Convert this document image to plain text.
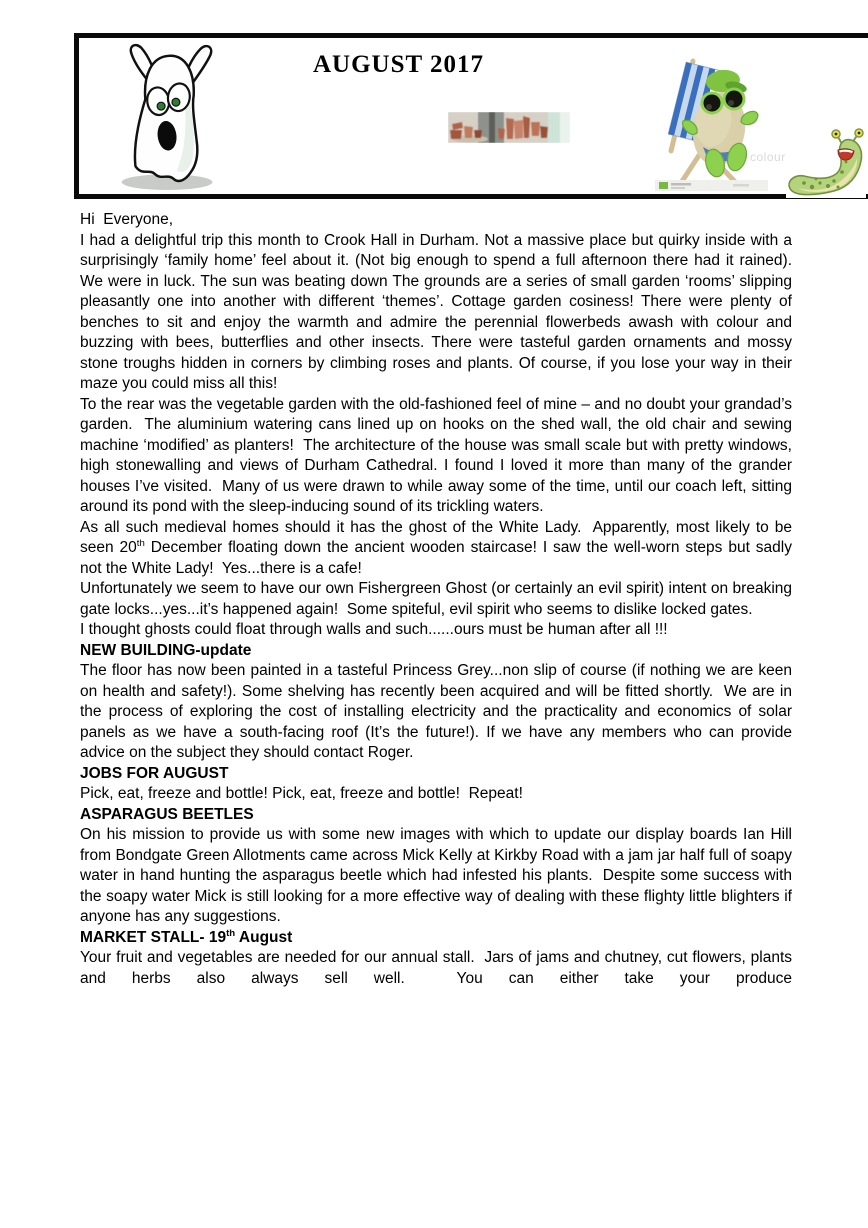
AUGUST 2017
colour

Hi  Everyone,

I had a delightful trip this month to Crook Hall in Durham. Not a massive place but quirky inside with a surprisingly ‘family home’ feel about it. (Not big enough to spend a full afternoon there had it rained).  We were in luck. The sun was beating down The grounds are a series of small garden ‘rooms’ slipping pleasantly one into another with different ‘themes’. Cottage garden cosiness! There were plenty of benches to sit and enjoy the warmth and admire the perennial flowerbeds awash with colour and buzzing with bees, butterflies and other insects. There were tasteful garden ornaments and mossy stone troughs hidden in corners by climbing roses and plants. Of course, if you lose your way in their maze you could miss all this!

To the rear was the vegetable garden with the old-fashioned feel of mine – and no doubt your grandad’s garden.  The aluminium watering cans lined up on hooks on the shed wall, the old chair and sewing machine ‘modified’ as planters!  The architecture of the house was small scale but with pretty windows, high stonewalling and views of Durham Cathedral. I found I loved it more than many of the grander houses I’ve visited.  Many of us were drawn to while away some of the time, until our coach left, sitting around its pond with the sleep-inducing sound of its trickling waters.

As all such medieval homes should it has the ghost of the White Lady.  Apparently, most likely to be seen 20th December floating down the ancient wooden staircase! I saw the well-worn steps but sadly not the White Lady!  Yes...there is a cafe!

Unfortunately we seem to have our own Fishergreen Ghost (or certainly an evil spirit) intent on breaking gate locks...yes...it’s happened again!  Some spiteful, evil spirit who seems to dislike locked gates.

I thought ghosts could float through walls and such......ours must be human after all !!!

NEW BUILDING-update

The floor has now been painted in a tasteful Princess Grey...non slip of course (if nothing we are keen on health and safety!). Some shelving has recently been acquired and will be fitted shortly.  We are in the process of exploring the cost of installing electricity and the practicality and economics of solar panels as we have a south-facing roof (It’s the future!). If we have any members who can provide advice on the subject they should contact Roger.

JOBS FOR AUGUST

Pick, eat, freeze and bottle! Pick, eat, freeze and bottle!  Repeat!

ASPARAGUS BEETLES

On his mission to provide us with some new images with which to update our display boards Ian Hill from Bondgate Green Allotments came across Mick Kelly at Kirkby Road with a jam jar half full of soapy water in hand hunting the asparagus beetle which had infested his plants.  Despite some success with the soapy water Mick is still looking for a more effective way of dealing with these flighty little blighters if anyone has any suggestions.

MARKET STALL- 19th August

Your fruit and vegetables are needed for our annual stall.  Jars of jams and chutney, cut flowers, plants and herbs also always sell well.  You can either take your produce
